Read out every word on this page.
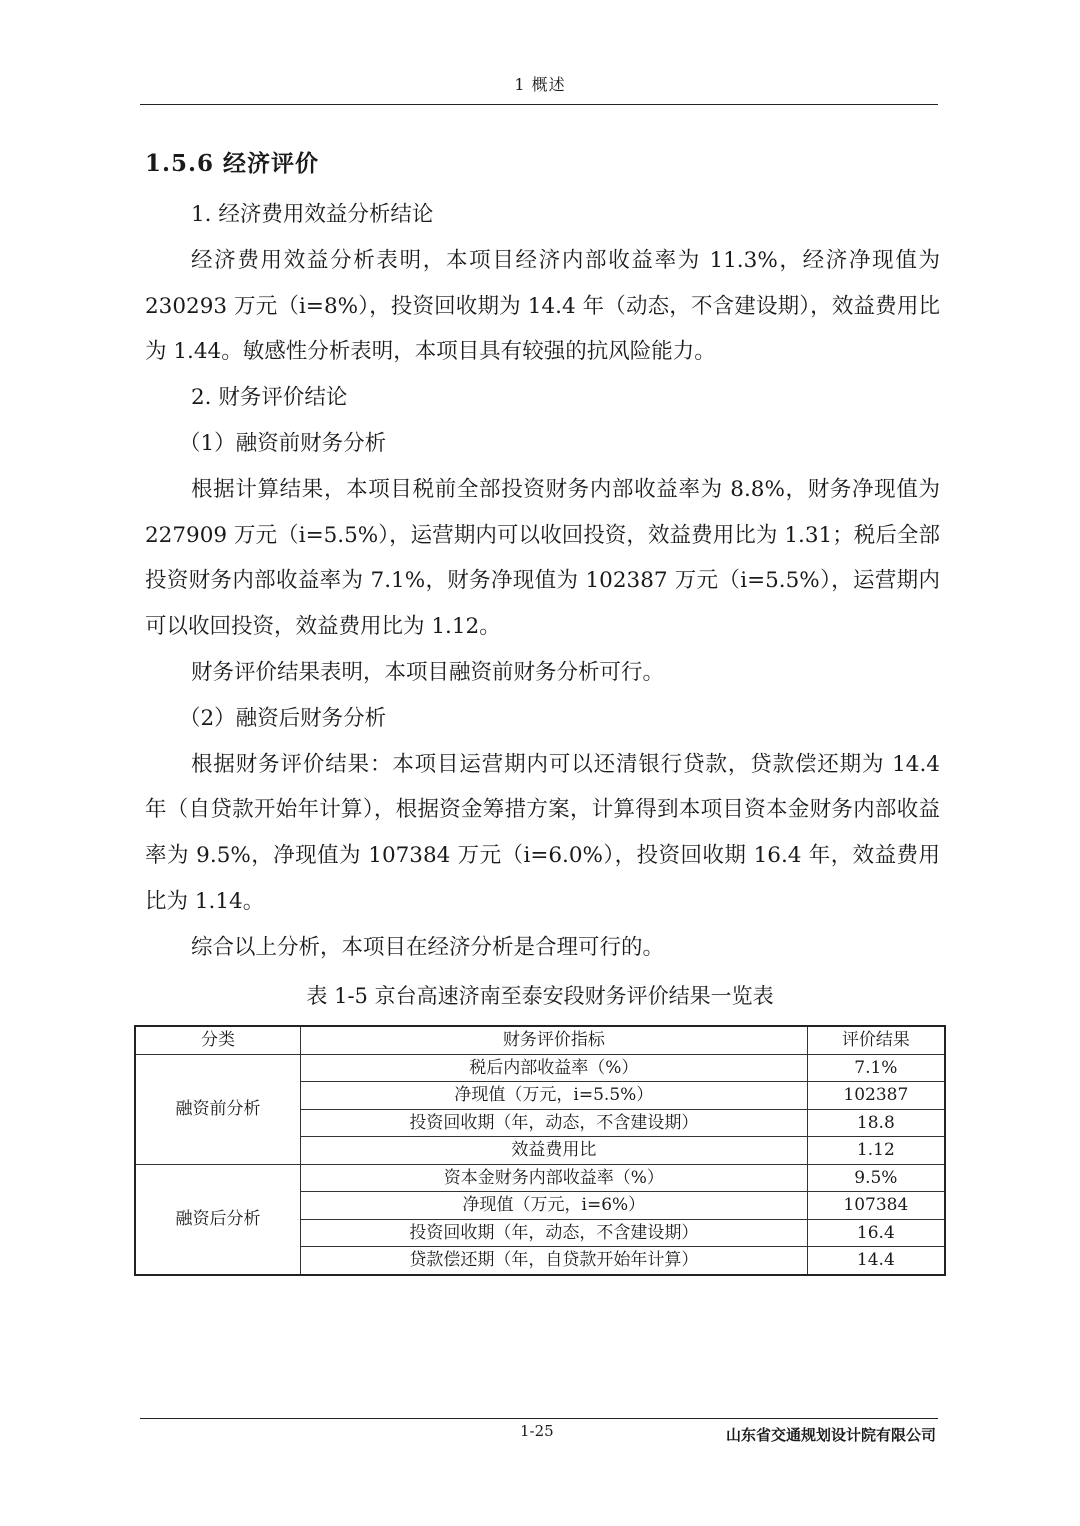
1 概述
1.5.6 经济评价

1. 经济费用效益分析结论

经济费用效益分析表明，本项目经济内部收益率为 11.3%，经济净现值为 230293 万元（i=8%），投资回收期为 14.4 年（动态，不含建设期），效益费用比为 1.44。敏感性分析表明，本项目具有较强的抗风险能力。

2. 财务评价结论

（1）融资前财务分析

根据计算结果，本项目税前全部投资财务内部收益率为 8.8%，财务净现值为 227909 万元（i=5.5%），运营期内可以收回投资，效益费用比为 1.31；税后全部投资财务内部收益率为 7.1%，财务净现值为 102387 万元（i=5.5%），运营期内可以收回投资，效益费用比为 1.12。

财务评价结果表明，本项目融资前财务分析可行。

（2）融资后财务分析

根据财务评价结果：本项目运营期内可以还清银行贷款，贷款偿还期为 14.4 年（自贷款开始年计算），根据资金筹措方案，计算得到本项目资本金财务内部收益率为 9.5%，净现值为 107384 万元（i=6.0%），投资回收期 16.4 年，效益费用比为 1.14。

综合以上分析，本项目在经济分析是合理可行的。

表 1-5 京台高速济南至泰安段财务评价结果一览表
分类	财务评价指标	评价结果
融资前分析	税后内部收益率（%）	7.1%
	净现值（万元，i=5.5%）	102387
	投资回收期（年，动态，不含建设期）	18.8
	效益费用比	1.12
融资后分析	资本金财务内部收益率（%）	9.5%
	净现值（万元，i=6%）	107384
	投资回收期（年，动态，不含建设期）	16.4
	贷款偿还期（年，自贷款开始年计算）	14.4
1-25	山东省交通规划设计院有限公司
